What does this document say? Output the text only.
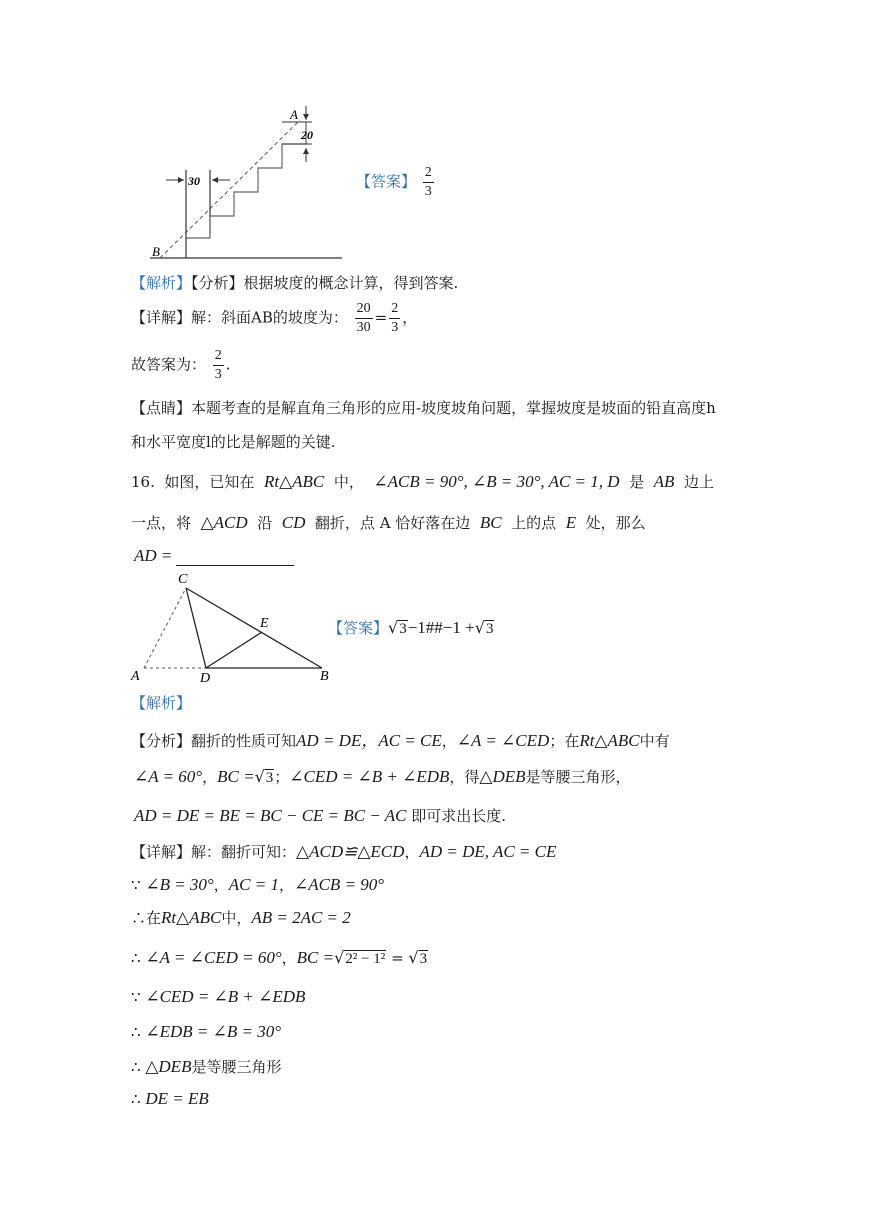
A
B
20
30	【答案】 $\frac{2}{3}$
【解析】【分析】根据坡度的概念计算，得到答案.
【详解】解：斜面AB的坡度为： $\frac{20}{30} = \frac{2}{3}$ ，
故答案为： $\frac{2}{3}$ .
【点睛】本题考查的是解直角三角形的应用-坡度坡角问题，掌握坡度是坡面的铅直高度h
和水平宽度l的比是解题的关键.
16. 如图，已知在 Rt△ABC 中， ∠ACB = 90°, ∠B = 30°, AC = 1, D 是 AB 边上
一点，将 △ACD 沿 CD 翻折，点 A 恰好落在边 BC 上的点 E 处，那么
AD =
C
E
A	D	B
【答案】√3−1##−1 +√3
【解析】
【分析】翻折的性质可知AD = DE，AC = CE，∠A = ∠CED；在Rt△ABC中有
∠A = 60°，BC =√3；∠CED = ∠B + ∠EDB，得△DEB是等腰三角形，
AD = DE = BE = BC − CE = BC − AC 即可求出长度.
【详解】解：翻折可知：△ACD≌△ECD，AD = DE, AC = CE
∵ ∠B = 30°，AC = 1，∠ACB = 90°
∴在Rt△ABC中，AB = 2AC = 2
∴ ∠A = ∠CED = 60°，BC =√2² − 1² = √3
∵ ∠CED = ∠B + ∠EDB
∴ ∠EDB = ∠B = 30°
∴ △DEB是等腰三角形
∴ DE = EB
